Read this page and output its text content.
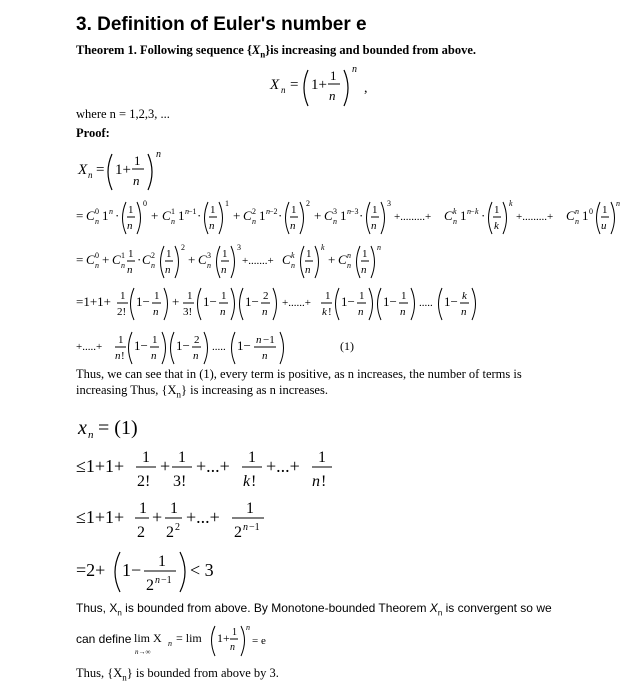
3. Definition of Euler's number e
Theorem 1. Following sequence $\{X_n\}is$ increasing and bounded from above.
X n = 1+
1
n
n
,
where n = 1,2,3, ...
Proof:
X n = 1+
1
n
n
= C 0
n 1 n · 1
n
0
+ C 1
n 1 n −1 · 1
n
1
+ C 2
n 1 n −2 · 1
n
2
+ C 3
n 1 n −3 · 1
n
3
+.........+ C k
n 1 n − k · 1
k
k
+.........+ C n
n 1 0 1
u
n
= C 0
n + C 1
n
1
n
· C 2
n
1
n
2
+ C 3
n
1
n
3
+.......+ C k
n
1
n
k
+ C n
n
1
n
n
=1+1+ 1
2!
1− 1
n
+ 1
3!
1− 1
n
1− 2
n
+......+
1
k !
1− 1
n
1− 1
n
..... 1− k
n
+.....+
1
n !
1− 1
n
1− 2
n
..... 1− n −1
n
(1)
Thus, we can see that in (1), every term is positive, as n increases, the number of terms is
increasing Thus, $\{X_n\}$ is increasing as n increases.
x n = (1)
≤1+1+ 1
2!
+ 1
3!
+...+ 1
k !
+...+ 1
n !
≤1+1+ 1
2
+ 1
2 2
+...+ 1
2 n −1
=2+ 1− 1
2 n −1
< 3
Thus, $X_n$ is bounded from above. By Monotone-bounded Theorem $X_n$ is convergent so we
can define lim X n
n→∞
= lim 1+ 1
n
n
= e
Thus, $\{X_n\}$ is bounded from above by 3.
